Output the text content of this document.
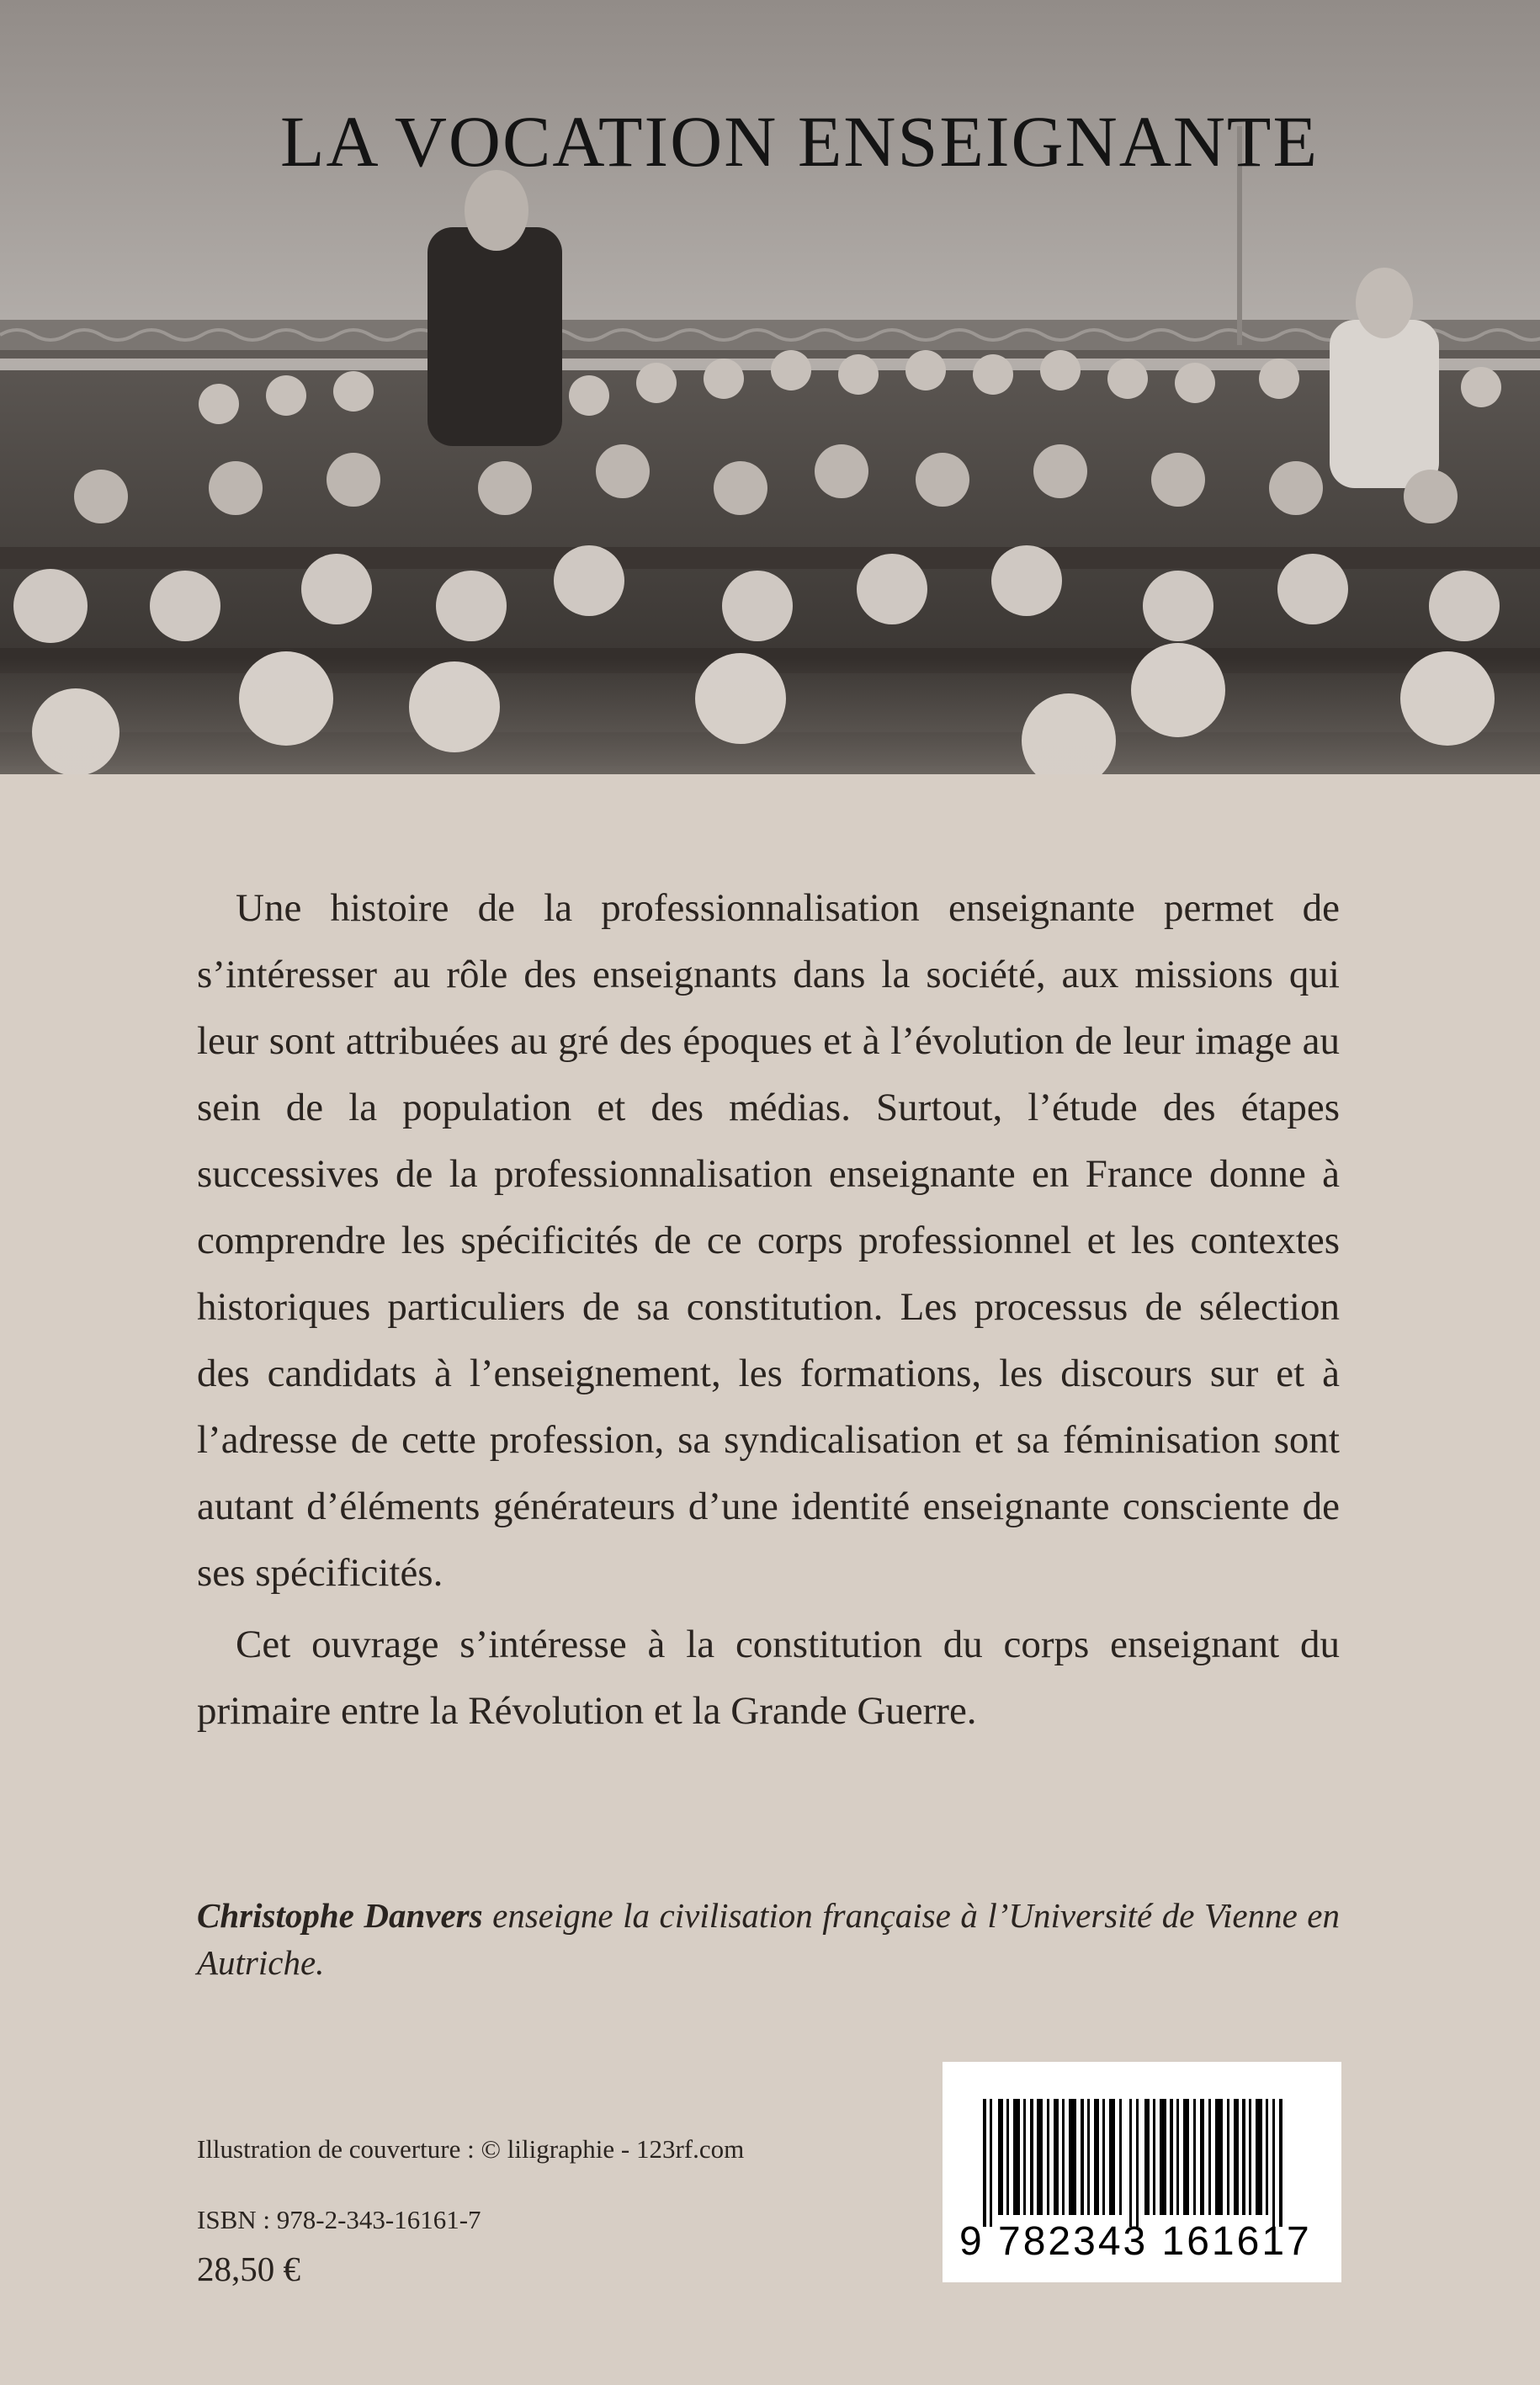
LA VOCATION ENSEIGNANTE

Une histoire de la professionnalisation enseignante permet de s’intéresser au rôle des enseignants dans la société, aux missions qui leur sont attribuées au gré des époques et à l’évolution de leur image au sein de la population et des médias. Surtout, l’étude des étapes successives de la professionnalisation enseignante en France donne à comprendre les spécificités de ce corps professionnel et les contextes historiques particuliers de sa constitution. Les processus de sélection des candidats à l’enseignement, les formations, les discours sur et à l’adresse de cette profession, sa syndicalisation et sa féminisation sont autant d’éléments générateurs d’une identité enseignante consciente de ses spécificités.

Cet ouvrage s’intéresse à la constitution du corps enseignant du primaire entre la Révolution et la Grande Guerre.

Christophe Danvers enseigne la civilisation française à l’Université de Vienne en Autriche.
Illustration de couverture : © liligraphie - 123rf.com
ISBN : 978-2-343-16161-7
28,50 €
9 782343 161617
